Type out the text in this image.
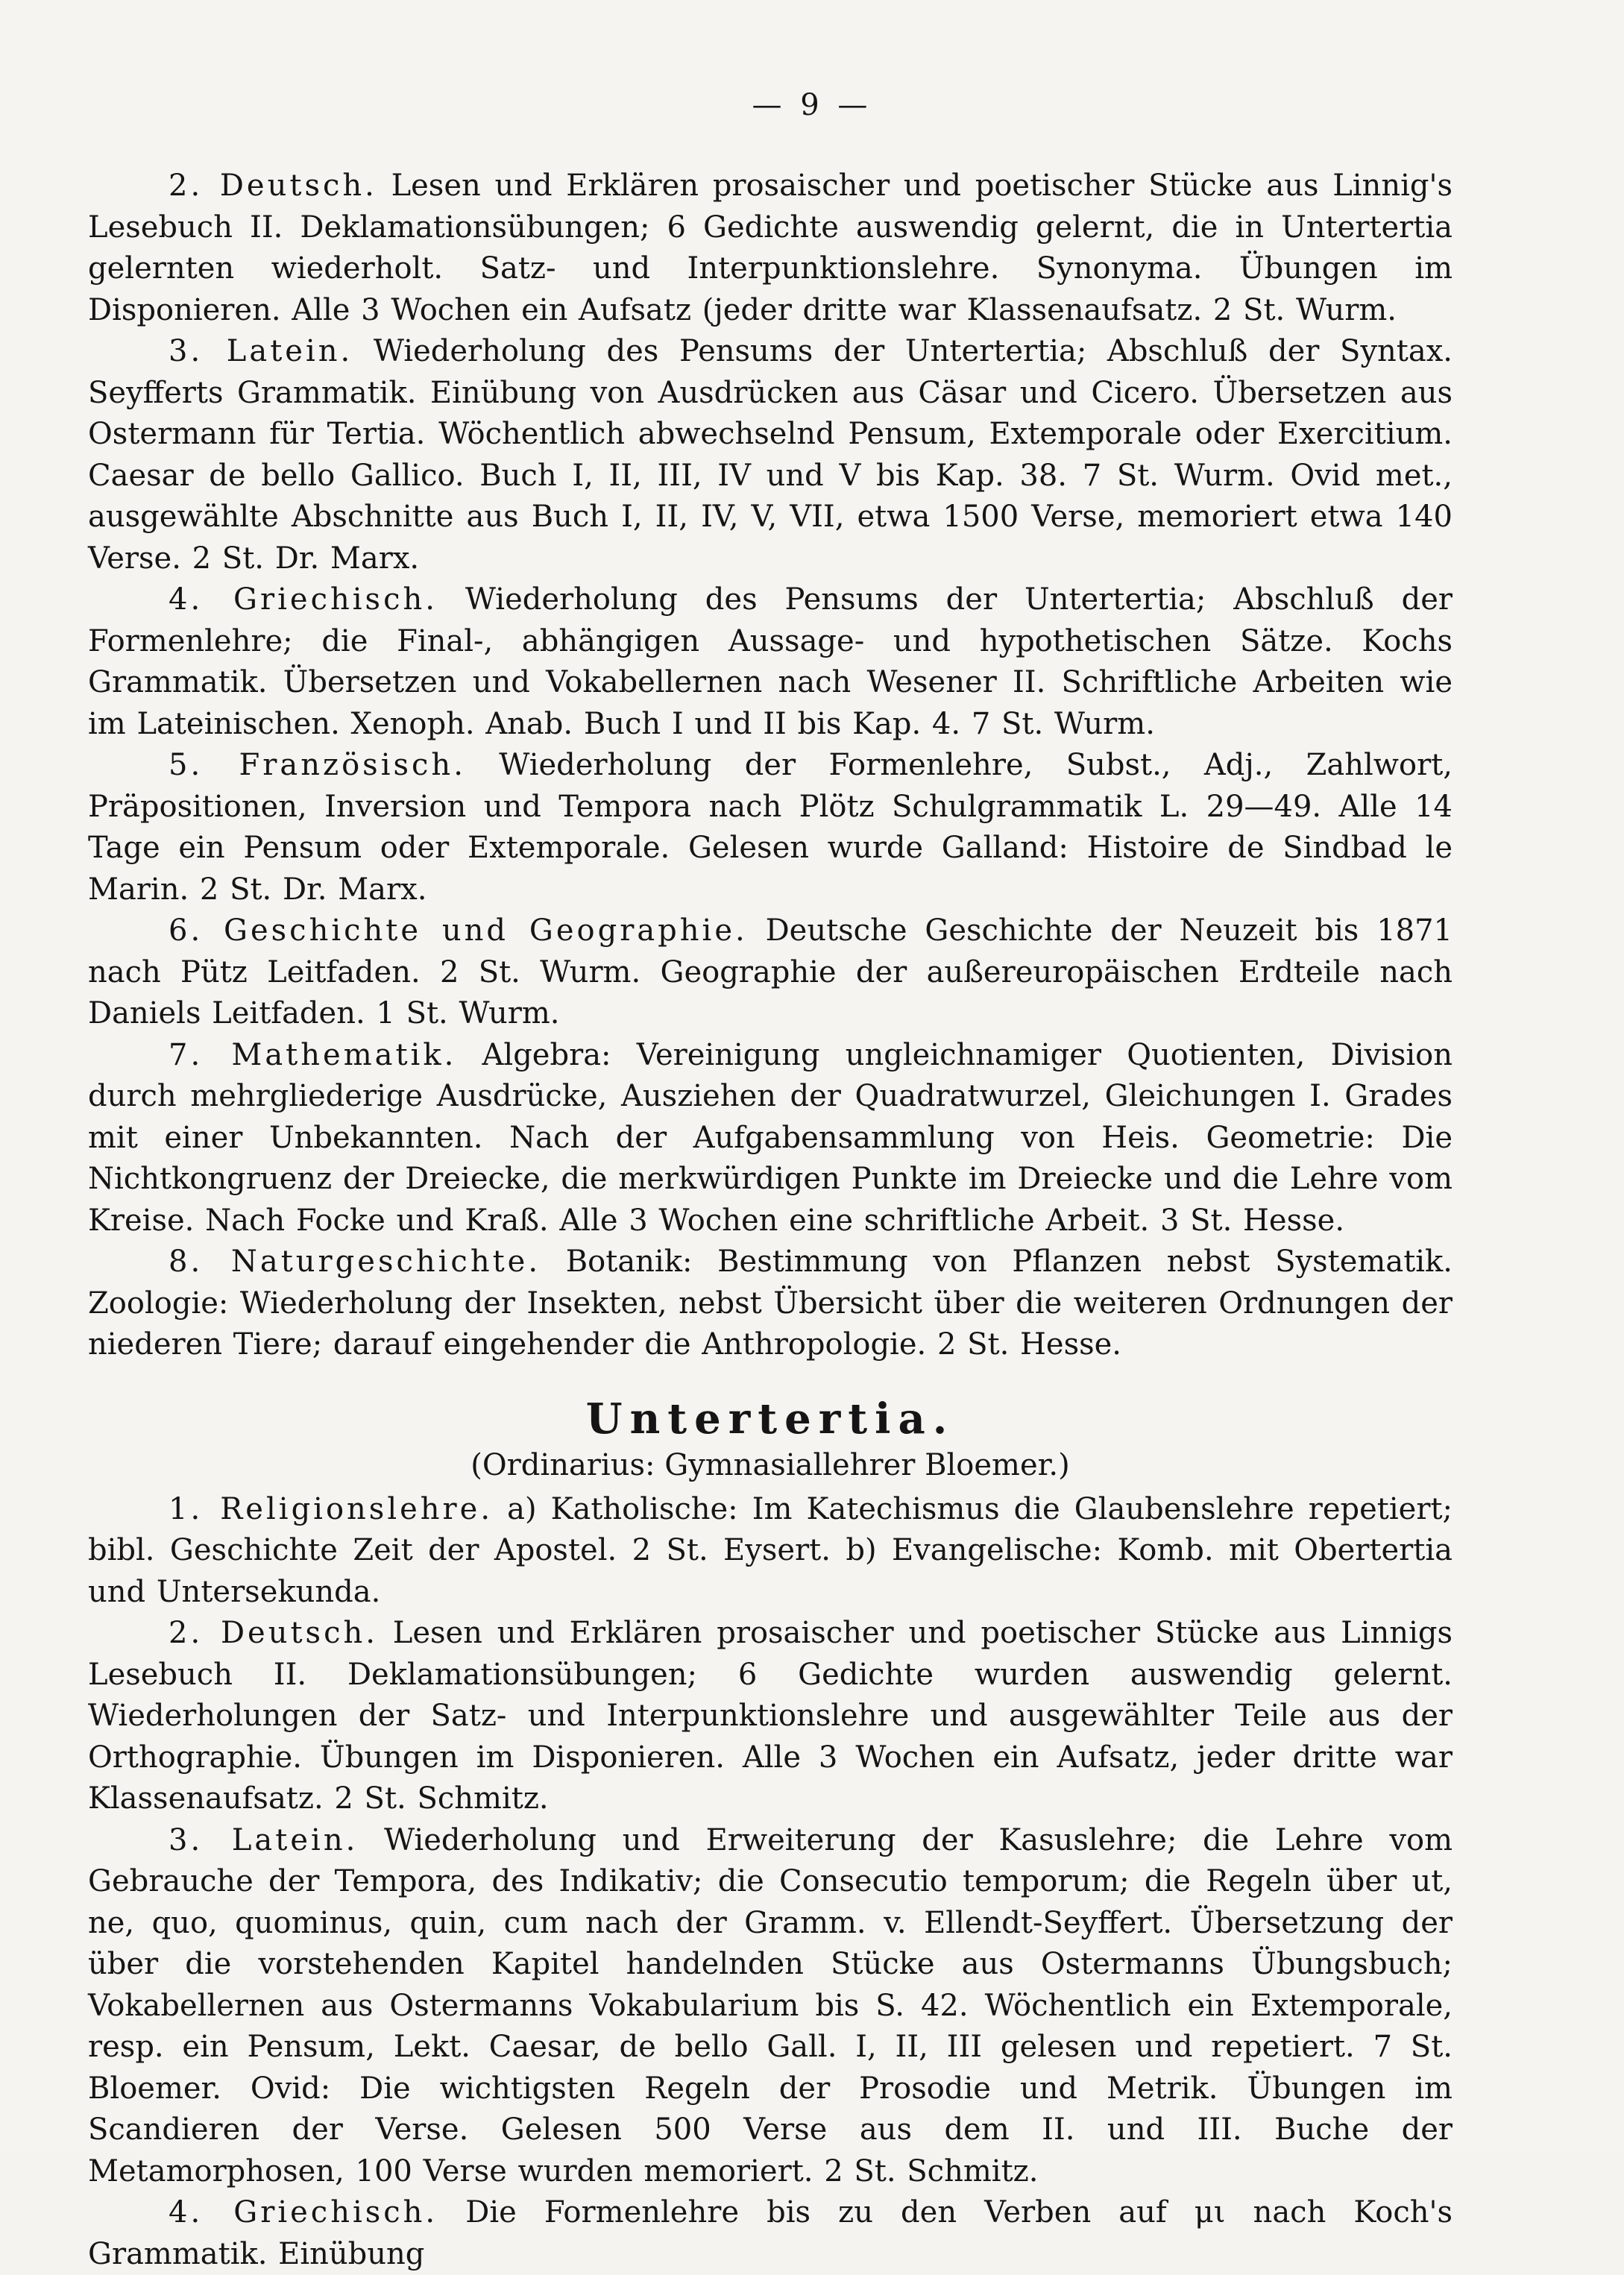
— 9 —

2. Deutsch. Lesen und Erklären prosaischer und poetischer Stücke aus Linnig's Lesebuch II. Deklamationsübungen; 6 Gedichte auswendig gelernt, die in Untertertia gelernten wiederholt. Satz- und Interpunktionslehre. Synonyma. Übungen im Disponieren. Alle 3 Wochen ein Aufsatz (jeder dritte war Klassenaufsatz. 2 St. Wurm.

3. Latein. Wiederholung des Pensums der Untertertia; Abschluß der Syntax. Seyfferts Grammatik. Einübung von Ausdrücken aus Cäsar und Cicero. Übersetzen aus Ostermann für Tertia. Wöchentlich abwechselnd Pensum, Extemporale oder Exercitium. Caesar de bello Gallico. Buch I, II, III, IV und V bis Kap. 38. 7 St. Wurm. Ovid met., ausgewählte Abschnitte aus Buch I, II, IV, V, VII, etwa 1500 Verse, memoriert etwa 140 Verse. 2 St. Dr. Marx.

4. Griechisch. Wiederholung des Pensums der Untertertia; Abschluß der Formenlehre; die Final-, abhängigen Aussage- und hypothetischen Sätze. Kochs Grammatik. Übersetzen und Vokabellernen nach Wesener II. Schriftliche Arbeiten wie im Lateinischen. Xenoph. Anab. Buch I und II bis Kap. 4. 7 St. Wurm.

5. Französisch. Wiederholung der Formenlehre, Subst., Adj., Zahlwort, Präpositionen, Inversion und Tempora nach Plötz Schulgrammatik L. 29—49. Alle 14 Tage ein Pensum oder Extemporale. Gelesen wurde Galland: Histoire de Sindbad le Marin. 2 St. Dr. Marx.

6. Geschichte und Geographie. Deutsche Geschichte der Neuzeit bis 1871 nach Pütz Leitfaden. 2 St. Wurm. Geographie der außereuropäischen Erdteile nach Daniels Leitfaden. 1 St. Wurm.

7. Mathematik. Algebra: Vereinigung ungleichnamiger Quotienten, Division durch mehrgliederige Ausdrücke, Ausziehen der Quadratwurzel, Gleichungen I. Grades mit einer Unbekannten. Nach der Aufgabensammlung von Heis. Geometrie: Die Nichtkongruenz der Dreiecke, die merkwürdigen Punkte im Dreiecke und die Lehre vom Kreise. Nach Focke und Kraß. Alle 3 Wochen eine schriftliche Arbeit. 3 St. Hesse.

8. Naturgeschichte. Botanik: Bestimmung von Pflanzen nebst Systematik. Zoologie: Wiederholung der Insekten, nebst Übersicht über die weiteren Ordnungen der niederen Tiere; darauf eingehender die Anthropologie. 2 St. Hesse.

Untertertia.
(Ordinarius: Gymnasiallehrer Bloemer.)

1. Religionslehre. a) Katholische: Im Katechismus die Glaubenslehre repetiert; bibl. Geschichte Zeit der Apostel. 2 St. Eysert. b) Evangelische: Komb. mit Obertertia und Untersekunda.

2. Deutsch. Lesen und Erklären prosaischer und poetischer Stücke aus Linnigs Lesebuch II. Deklamationsübungen; 6 Gedichte wurden auswendig gelernt. Wiederholungen der Satz- und Interpunktionslehre und ausgewählter Teile aus der Orthographie. Übungen im Disponieren. Alle 3 Wochen ein Aufsatz, jeder dritte war Klassenaufsatz. 2 St. Schmitz.

3. Latein. Wiederholung und Erweiterung der Kasuslehre; die Lehre vom Gebrauche der Tempora, des Indikativ; die Consecutio temporum; die Regeln über ut, ne, quo, quominus, quin, cum nach der Gramm. v. Ellendt-Seyffert. Übersetzung der über die vorstehenden Kapitel handelnden Stücke aus Ostermanns Übungsbuch; Vokabellernen aus Ostermanns Vokabularium bis S. 42. Wöchentlich ein Extemporale, resp. ein Pensum, Lekt. Caesar, de bello Gall. I, II, III gelesen und repetiert. 7 St. Bloemer. Ovid: Die wichtigsten Regeln der Prosodie und Metrik. Übungen im Scandieren der Verse. Gelesen 500 Verse aus dem II. und III. Buche der Metamorphosen, 100 Verse wurden memoriert. 2 St. Schmitz.

4. Griechisch. Die Formenlehre bis zu den Verben auf μι nach Koch's Grammatik. Einübung
